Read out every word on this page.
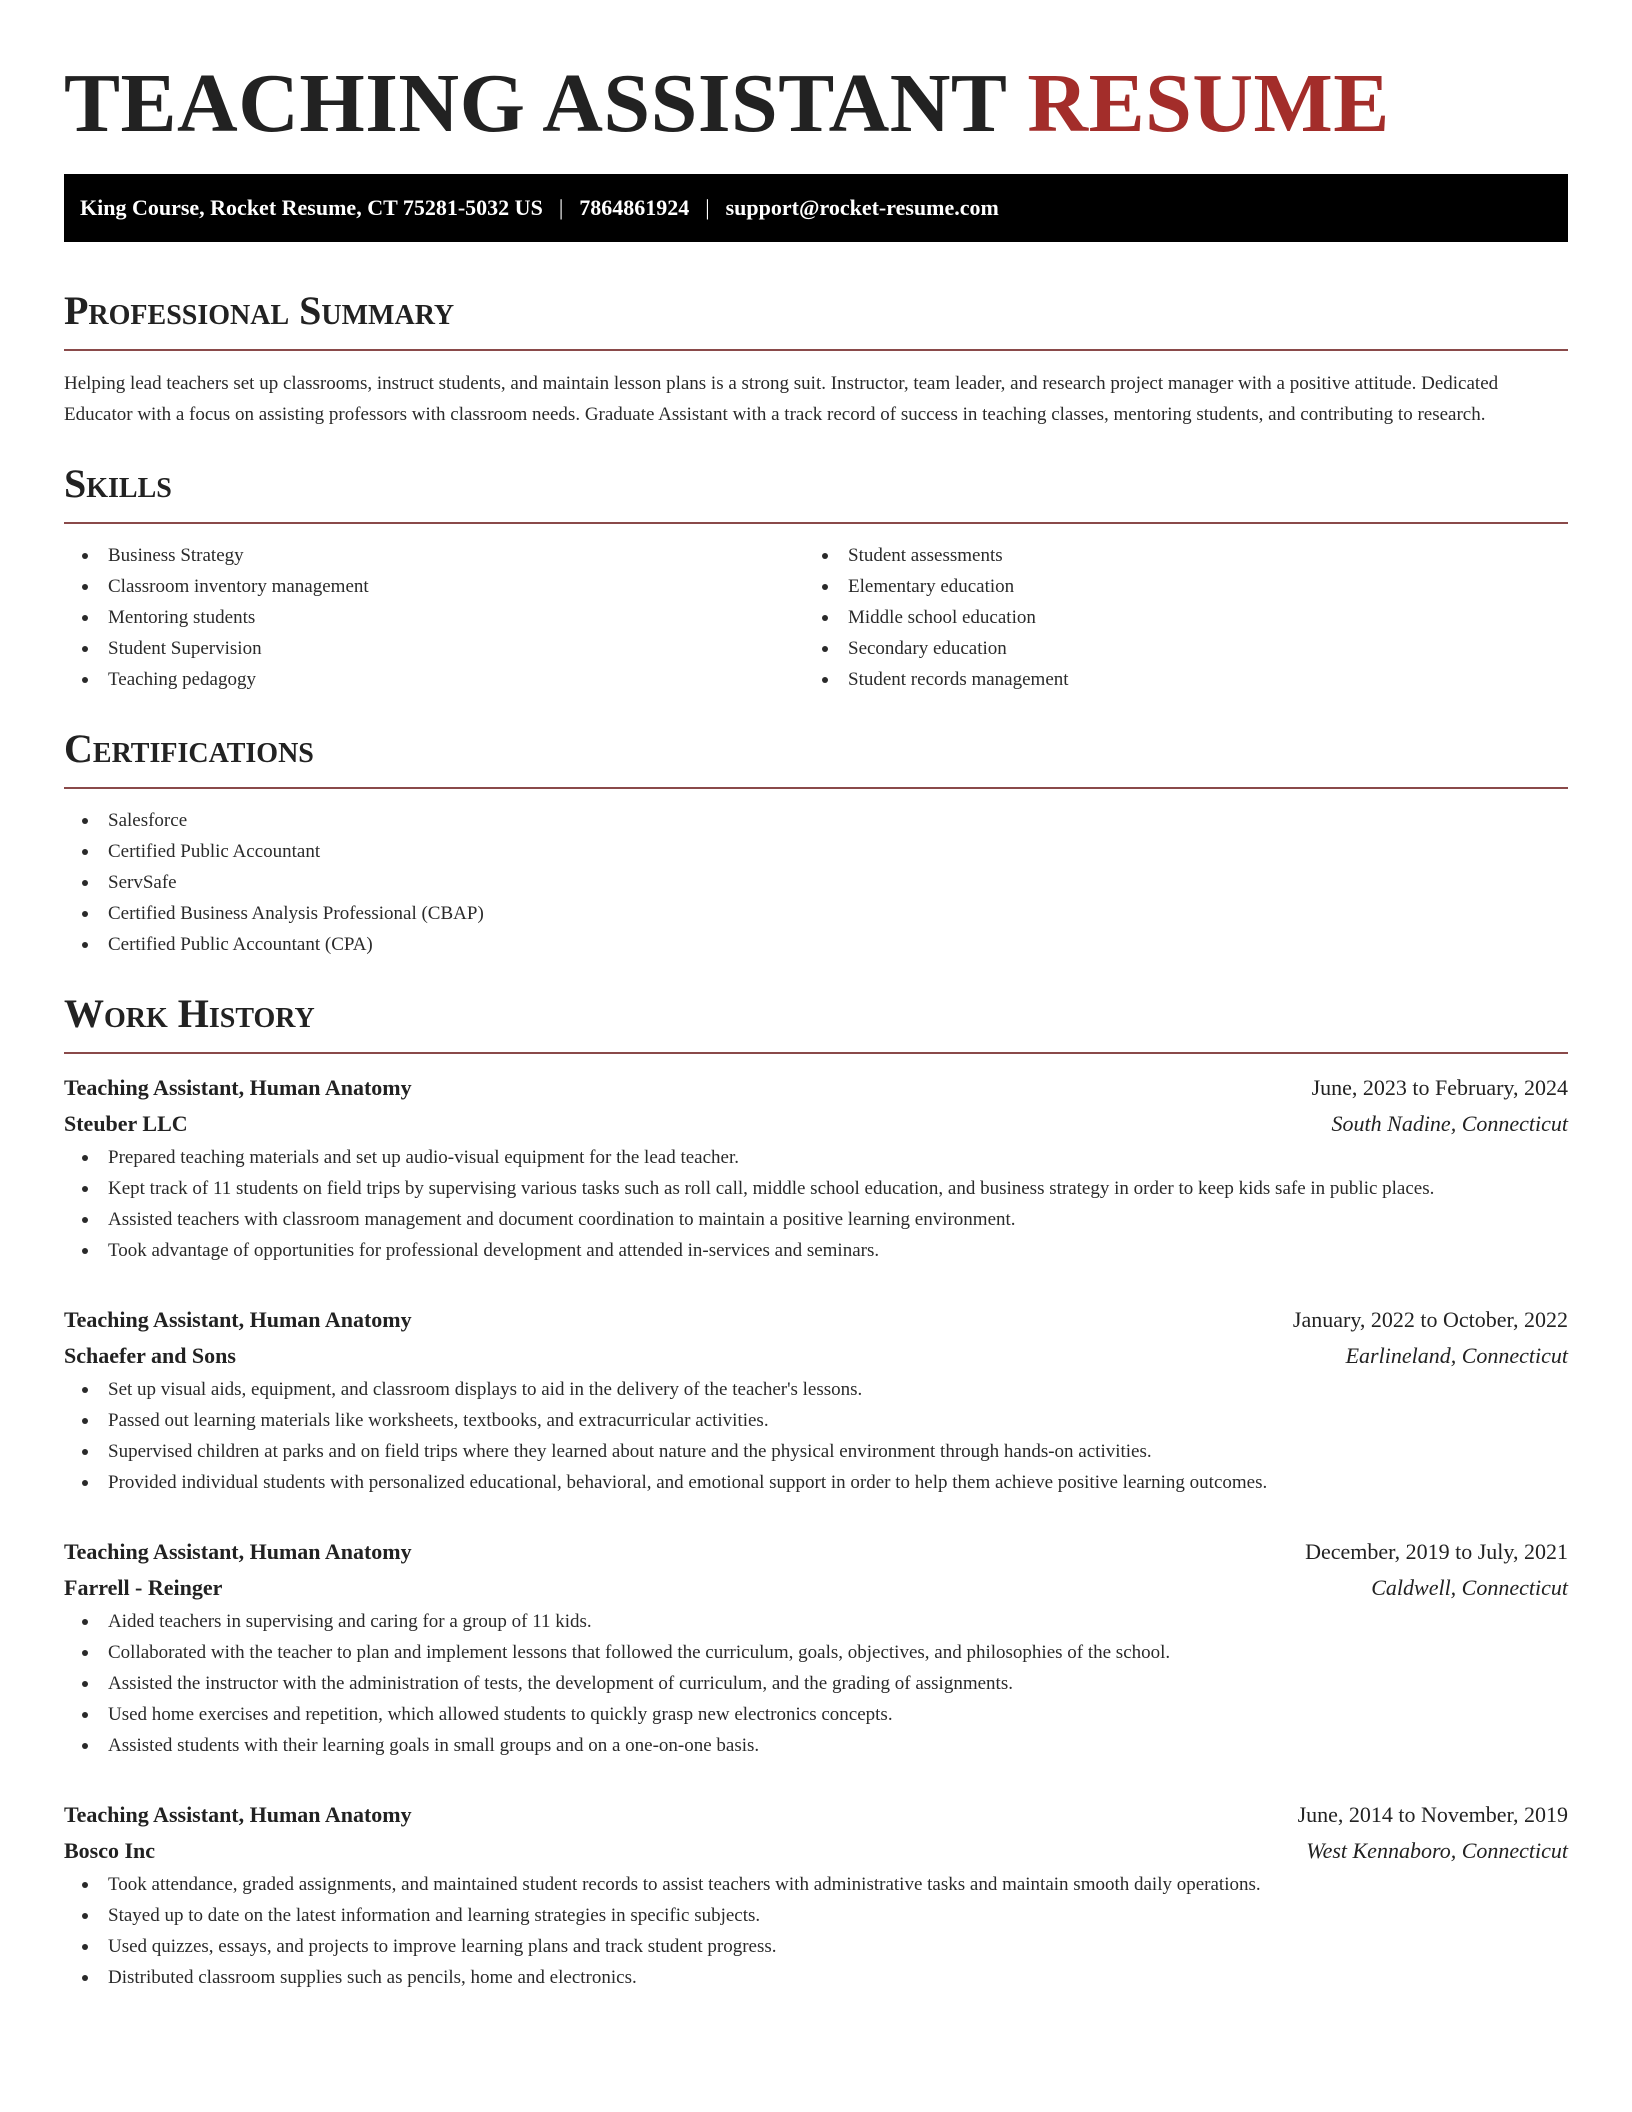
TEACHING ASSISTANT RESUME
King Course, Rocket Resume, CT 75281-5032 US | 7864861924 | support@rocket-resume.com
Professional Summary

Helping lead teachers set up classrooms, instruct students, and maintain lesson plans is a strong suit. Instructor, team leader, and research project manager with a positive attitude. Dedicated Educator with a focus on assisting professors with classroom needs. Graduate Assistant with a track record of success in teaching classes, mentoring students, and contributing to research.

Skills
Business Strategy
Classroom inventory management
Mentoring students
Student Supervision
Teaching pedagogy
Student assessments
Elementary education
Middle school education
Secondary education
Student records management
Certifications
Salesforce
Certified Public Accountant
ServSafe
Certified Business Analysis Professional (CBAP)
Certified Public Accountant (CPA)
Work History
Teaching Assistant, Human Anatomy	June, 2023 to February, 2024
Steuber LLC	South Nadine, Connecticut
Prepared teaching materials and set up audio-visual equipment for the lead teacher.
Kept track of 11 students on field trips by supervising various tasks such as roll call, middle school education, and business strategy in order to keep kids safe in public places.
Assisted teachers with classroom management and document coordination to maintain a positive learning environment.
Took advantage of opportunities for professional development and attended in-services and seminars.
Teaching Assistant, Human Anatomy	January, 2022 to October, 2022
Schaefer and Sons	Earlineland, Connecticut
Set up visual aids, equipment, and classroom displays to aid in the delivery of the teacher's lessons.
Passed out learning materials like worksheets, textbooks, and extracurricular activities.
Supervised children at parks and on field trips where they learned about nature and the physical environment through hands-on activities.
Provided individual students with personalized educational, behavioral, and emotional support in order to help them achieve positive learning outcomes.
Teaching Assistant, Human Anatomy	December, 2019 to July, 2021
Farrell - Reinger	Caldwell, Connecticut
Aided teachers in supervising and caring for a group of 11 kids.
Collaborated with the teacher to plan and implement lessons that followed the curriculum, goals, objectives, and philosophies of the school.
Assisted the instructor with the administration of tests, the development of curriculum, and the grading of assignments.
Used home exercises and repetition, which allowed students to quickly grasp new electronics concepts.
Assisted students with their learning goals in small groups and on a one-on-one basis.
Teaching Assistant, Human Anatomy	June, 2014 to November, 2019
Bosco Inc	West Kennaboro, Connecticut
Took attendance, graded assignments, and maintained student records to assist teachers with administrative tasks and maintain smooth daily operations.
Stayed up to date on the latest information and learning strategies in specific subjects.
Used quizzes, essays, and projects to improve learning plans and track student progress.
Distributed classroom supplies such as pencils, home and electronics.
